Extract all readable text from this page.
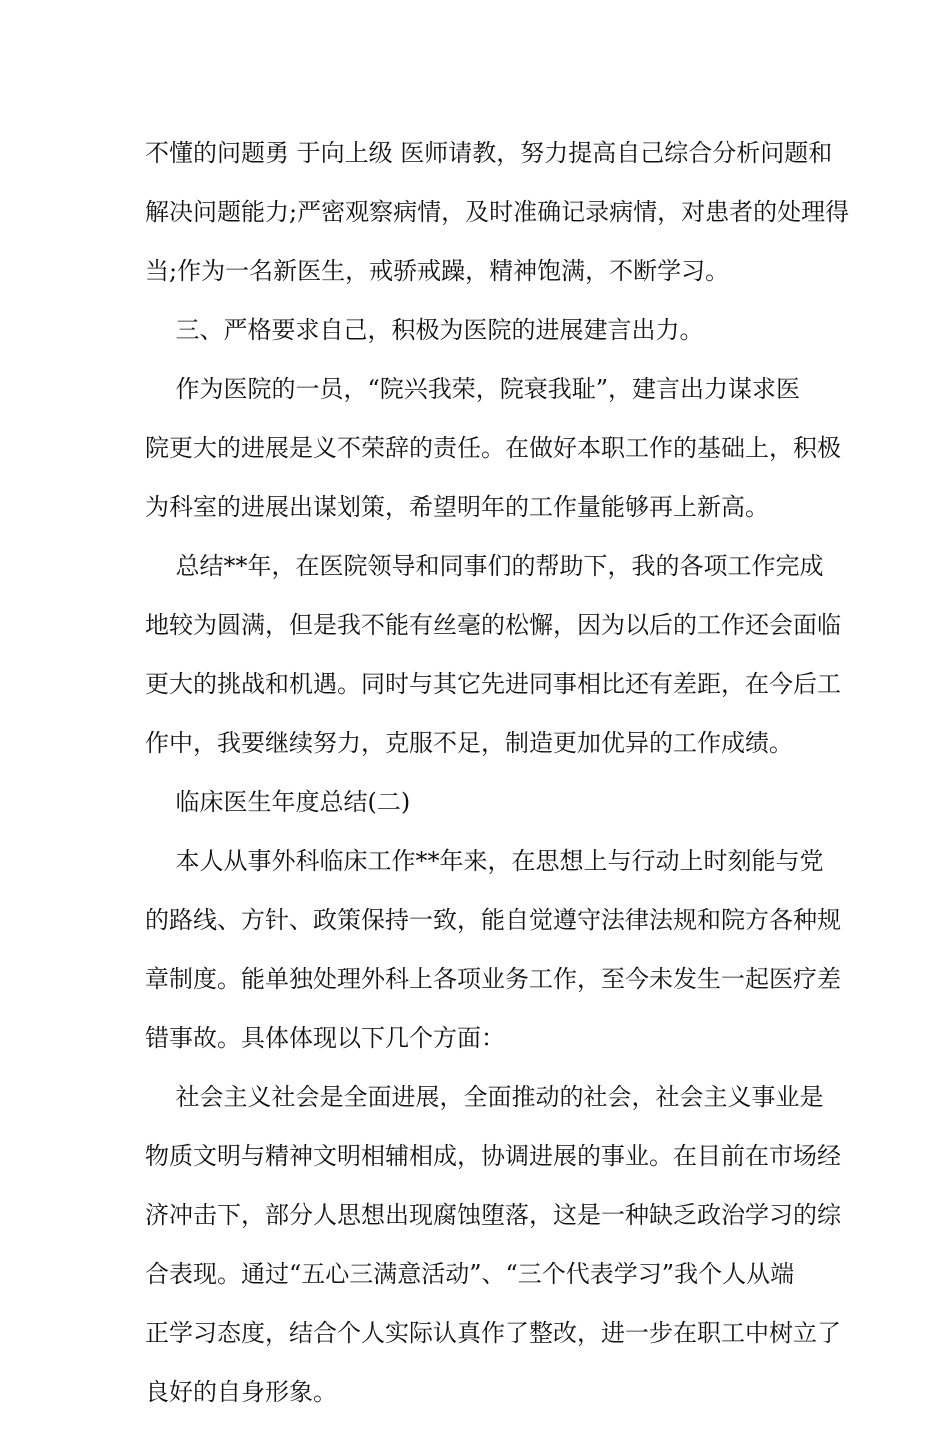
不懂的问题勇 于向上级 医师请教，努力提高自己综合分析问题和
解决问题能力;严密观察病情，及时准确记录病情，对患者的处理得
当;作为一名新医生，戒骄戒躁，精神饱满，不断学习。
三、严格要求自己，积极为医院的进展建言出力。
作为医院的一员，“院兴我荣，院衰我耻”，建言出力谋求医
院更大的进展是义不荣辞的责任。在做好本职工作的基础上，积极
为科室的进展出谋划策，希望明年的工作量能够再上新高。
总结**年，在医院领导和同事们的帮助下，我的各项工作完成
地较为圆满，但是我不能有丝毫的松懈，因为以后的工作还会面临
更大的挑战和机遇。同时与其它先进同事相比还有差距，在今后工
作中，我要继续努力，克服不足，制造更加优异的工作成绩。
临床医生年度总结(二)
本人从事外科临床工作**年来，在思想上与行动上时刻能与党
的路线、方针、政策保持一致，能自觉遵守法律法规和院方各种规
章制度。能单独处理外科上各项业务工作，至今未发生一起医疗差
错事故。具体体现以下几个方面：
社会主义社会是全面进展，全面推动的社会，社会主义事业是
物质文明与精神文明相辅相成，协调进展的事业。在目前在市场经
济冲击下，部分人思想出现腐蚀堕落，这是一种缺乏政治学习的综
合表现。通过“五心三满意活动”、“三个代表学习”我个人从端
正学习态度，结合个人实际认真作了整改，进一步在职工中树立了
良好的自身形象。
